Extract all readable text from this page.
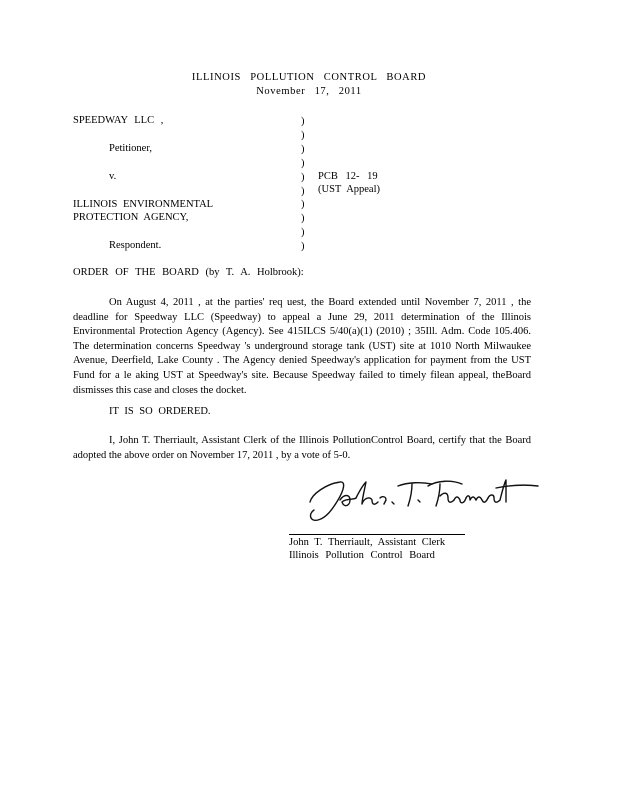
ILLINOIS POLLUTION CONTROL BOARD
November 17, 2011
SPEEDWAY LLC ,
Petitioner,
v.
ILLINOIS ENVIRONMENTAL
PROTECTION AGENCY,
Respondent.
)
)
)
)
)
)
)
)
)
)
PCB 12- 19
(UST Appeal)
ORDER OF THE BOARD (by T. A. Holbrook):
On August 4, 2011 , at the parties' req uest, the Board extended until November 7, 2011 , the deadline for Speedway LLC (Speedway) to appeal a June 29, 2011 determination of the Illinois Environmental Protection Agency (Agency). See 415ILCS 5/40(a)(1) (2010) ; 35Ill. Adm. Code 105.406. The determination concerns Speedway 's underground storage tank (UST) site at 1010 North Milwaukee Avenue, Deerfield, Lake County . The Agency denied Speedway's application for payment from the UST Fund for a le aking UST at Speedway's site. Because Speedway failed to timely filean appeal, theBoard dismisses this case and closes the docket.
IT IS SO ORDERED.
I, John T. Therriault, Assistant Clerk of the Illinois PollutionControl Board, certify that the Board adopted the above order on November 17, 2011 , by a vote of 5-0.
John T. Therriault, Assistant Clerk
Illinois Pollution Control Board
